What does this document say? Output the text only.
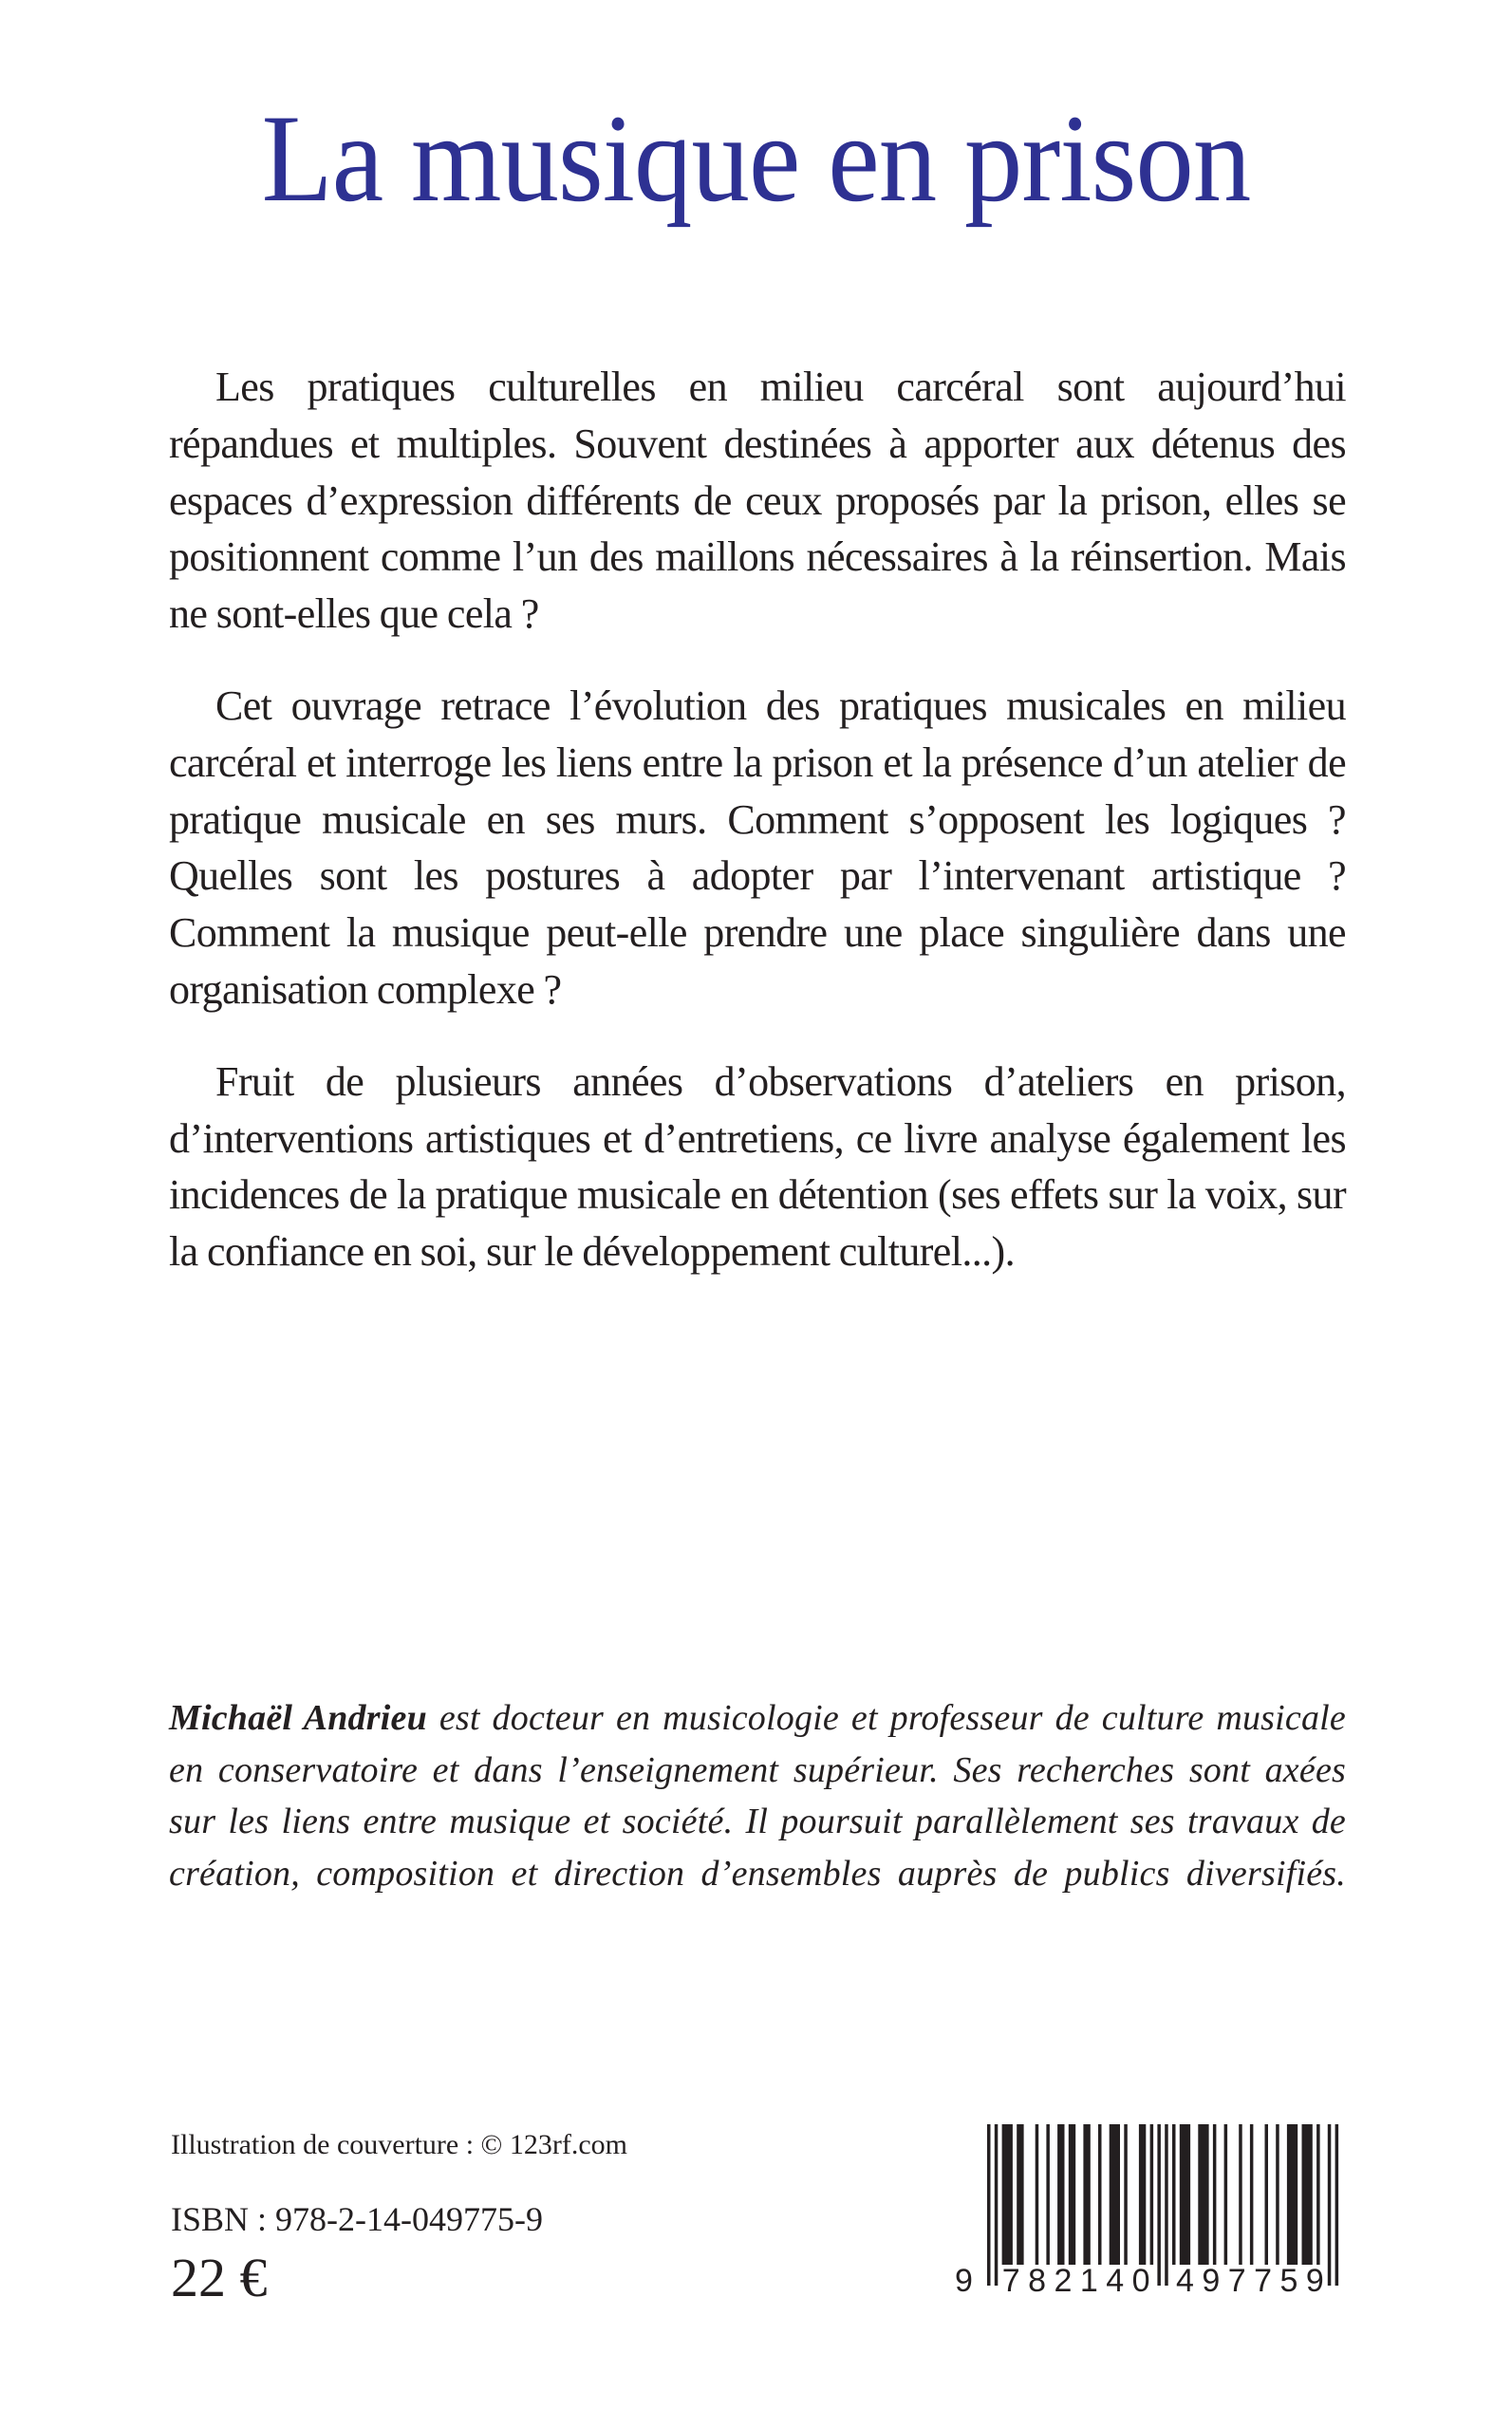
La musique en prison

Les pratiques culturelles en milieu carcéral sont aujourd’hui répandues et multiples. Souvent destinées à apporter aux détenus des espaces d’expression différents de ceux proposés par la prison, elles se positionnent comme l’un des maillons nécessaires à la réinsertion. Mais ne sont-elles que cela ?

Cet ouvrage retrace l’évolution des pratiques musicales en milieu carcéral et interroge les liens entre la prison et la présence d’un atelier de pratique musicale en ses murs. Comment s’opposent les logiques ? Quelles sont les postures à adopter par l’intervenant artistique ? Comment la musique peut-elle prendre une place singulière dans une organisation complexe ?

Fruit de plusieurs années d’observations d’ateliers en prison, d’interventions artistiques et d’entretiens, ce livre analyse également les incidences de la pratique musicale en détention (ses effets sur la voix, sur la confiance en soi, sur le développement culturel...).

Michaël Andrieu est docteur en musicologie et professeur de culture musicale en conservatoire et dans l’enseignement supérieur. Ses recherches sont axées sur les liens entre musique et société. Il poursuit parallèlement ses travaux de création, composition et direction d’ensembles auprès de publics diversifiés.

Illustration de couverture : © 123rf.com

ISBN : 978-2-14-049775-9

22 €	9 782140 497759
